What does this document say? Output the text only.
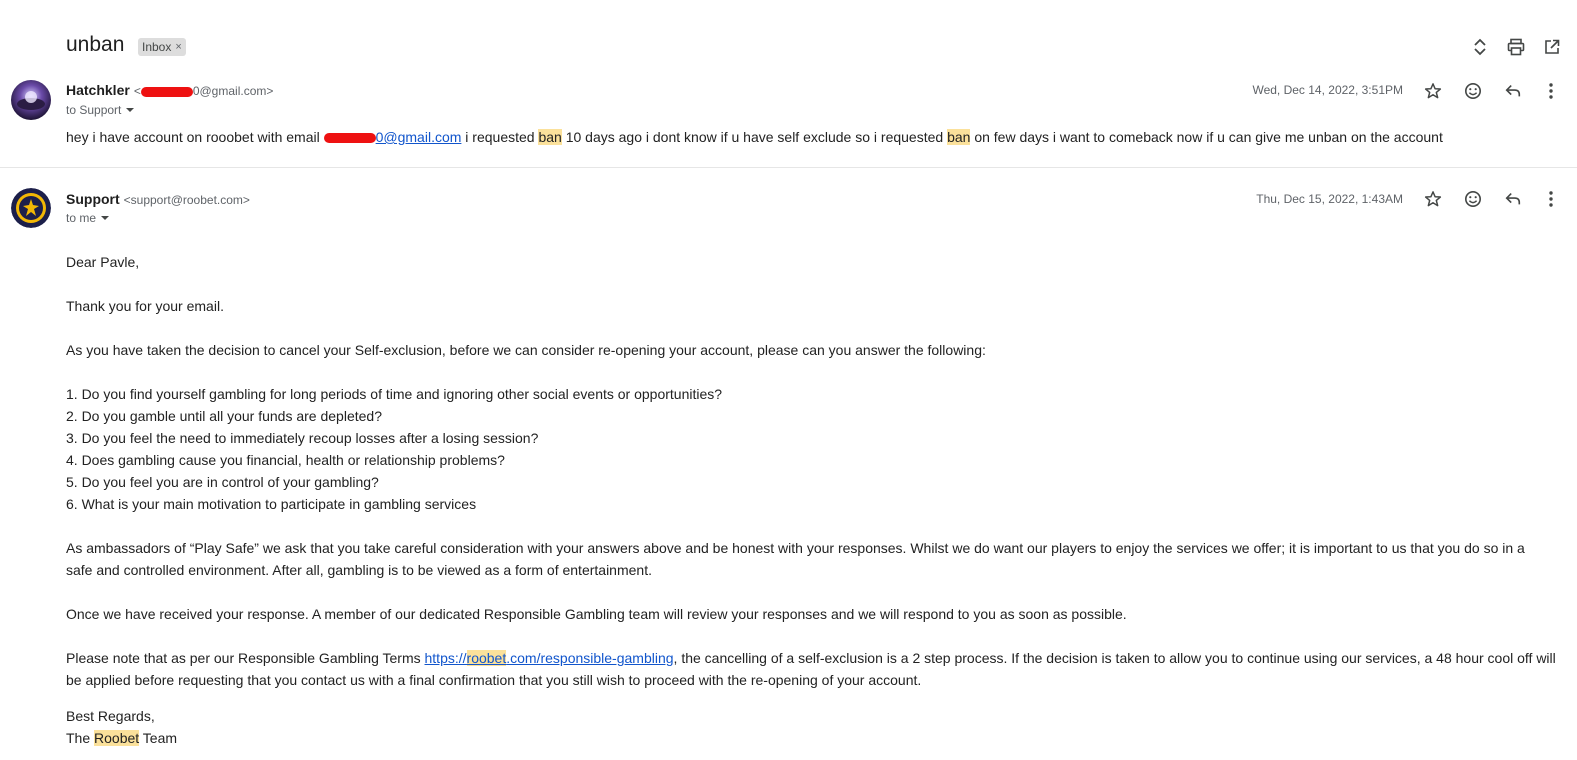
unban Inbox ×
Hatchkler <	0@gmail.com>
to Support
Wed, Dec 14, 2022, 3:51PM
hey i have account on rooobet with email	0@gmail.com i requested ban 10 days ago i dont know if u have self exclude so i requested ban on few days i want to comeback now if u can give me unban on the account
Support <support@roobet.com>
to me
Thu, Dec 15, 2022, 1:43AM

Dear Pavle,

Thank you for your email.

As you have taken the decision to cancel your Self-exclusion, before we can consider re-opening your account, please can you answer the following:

1. Do you find yourself gambling for long periods of time and ignoring other social events or opportunities?
2. Do you gamble until all your funds are depleted?
3. Do you feel the need to immediately recoup losses after a losing session?
4. Does gambling cause you financial, health or relationship problems?
5. Do you feel you are in control of your gambling?
6. What is your main motivation to participate in gambling services

As ambassadors of “Play Safe” we ask that you take careful consideration with your answers above and be honest with your responses. Whilst we do want our players to enjoy the services we offer; it is important to us that you do so in a safe and controlled environment. After all, gambling is to be viewed as a form of entertainment.

Once we have received your response. A member of our dedicated Responsible Gambling team will review your responses and we will respond to you as soon as possible.

Please note that as per our Responsible Gambling Terms https://roobet.com/responsible-gambling, the cancelling of a self-exclusion is a 2 step process. If the decision is taken to allow you to continue using our services, a 48 hour cool off will be applied before requesting that you contact us with a final confirmation that you still wish to proceed with the re-opening of your account.

Best Regards,

The Roobet Team
